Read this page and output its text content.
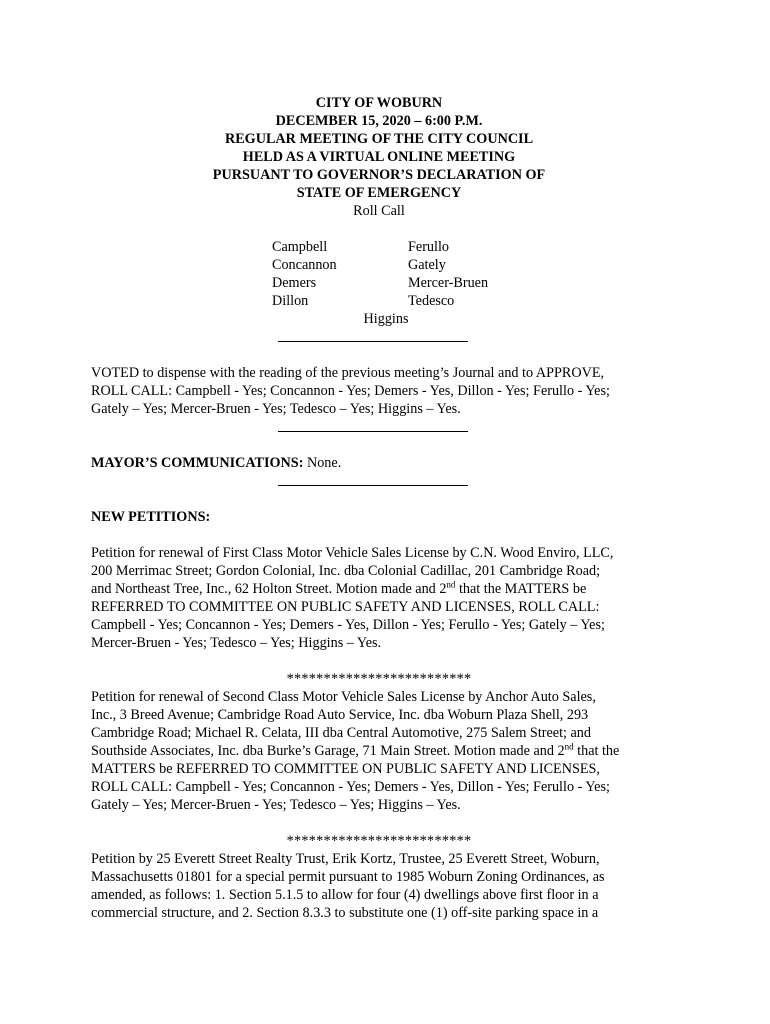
CITY OF WOBURN
DECEMBER 15, 2020 – 6:00 P.M.
REGULAR MEETING OF THE CITY COUNCIL
HELD AS A VIRTUAL ONLINE MEETING
PURSUANT TO GOVERNOR’S DECLARATION OF
STATE OF EMERGENCY
Roll Call
Campbell
Concannon
Demers
Dillon
Ferullo
Gately
Mercer-Bruen
Tedesco
Higgins
VOTED to dispense with the reading of the previous meeting’s Journal and to APPROVE,
ROLL CALL: Campbell - Yes; Concannon - Yes; Demers - Yes, Dillon - Yes; Ferullo - Yes;
Gately – Yes; Mercer-Bruen - Yes; Tedesco – Yes; Higgins – Yes.
MAYOR’S COMMUNICATIONS: None.
NEW PETITIONS:
Petition for renewal of First Class Motor Vehicle Sales License by C.N. Wood Enviro, LLC,
200 Merrimac Street; Gordon Colonial, Inc. dba Colonial Cadillac, 201 Cambridge Road;
and Northeast Tree, Inc., 62 Holton Street. Motion made and 2nd that the MATTERS be
REFERRED TO COMMITTEE ON PUBLIC SAFETY AND LICENSES, ROLL CALL:
Campbell - Yes; Concannon - Yes; Demers - Yes, Dillon - Yes; Ferullo - Yes; Gately – Yes;
Mercer-Bruen - Yes; Tedesco – Yes; Higgins – Yes.
*************************
Petition for renewal of Second Class Motor Vehicle Sales License by Anchor Auto Sales,
Inc., 3 Breed Avenue; Cambridge Road Auto Service, Inc. dba Woburn Plaza Shell, 293
Cambridge Road; Michael R. Celata, III dba Central Automotive, 275 Salem Street; and
Southside Associates, Inc. dba Burke’s Garage, 71 Main Street. Motion made and 2nd that the
MATTERS be REFERRED TO COMMITTEE ON PUBLIC SAFETY AND LICENSES,
ROLL CALL: Campbell - Yes; Concannon - Yes; Demers - Yes, Dillon - Yes; Ferullo - Yes;
Gately – Yes; Mercer-Bruen - Yes; Tedesco – Yes; Higgins – Yes.
*************************
Petition by 25 Everett Street Realty Trust, Erik Kortz, Trustee, 25 Everett Street, Woburn,
Massachusetts 01801 for a special permit pursuant to 1985 Woburn Zoning Ordinances, as
amended, as follows: 1. Section 5.1.5 to allow for four (4) dwellings above first floor in a
commercial structure, and 2. Section 8.3.3 to substitute one (1) off-site parking space in a
